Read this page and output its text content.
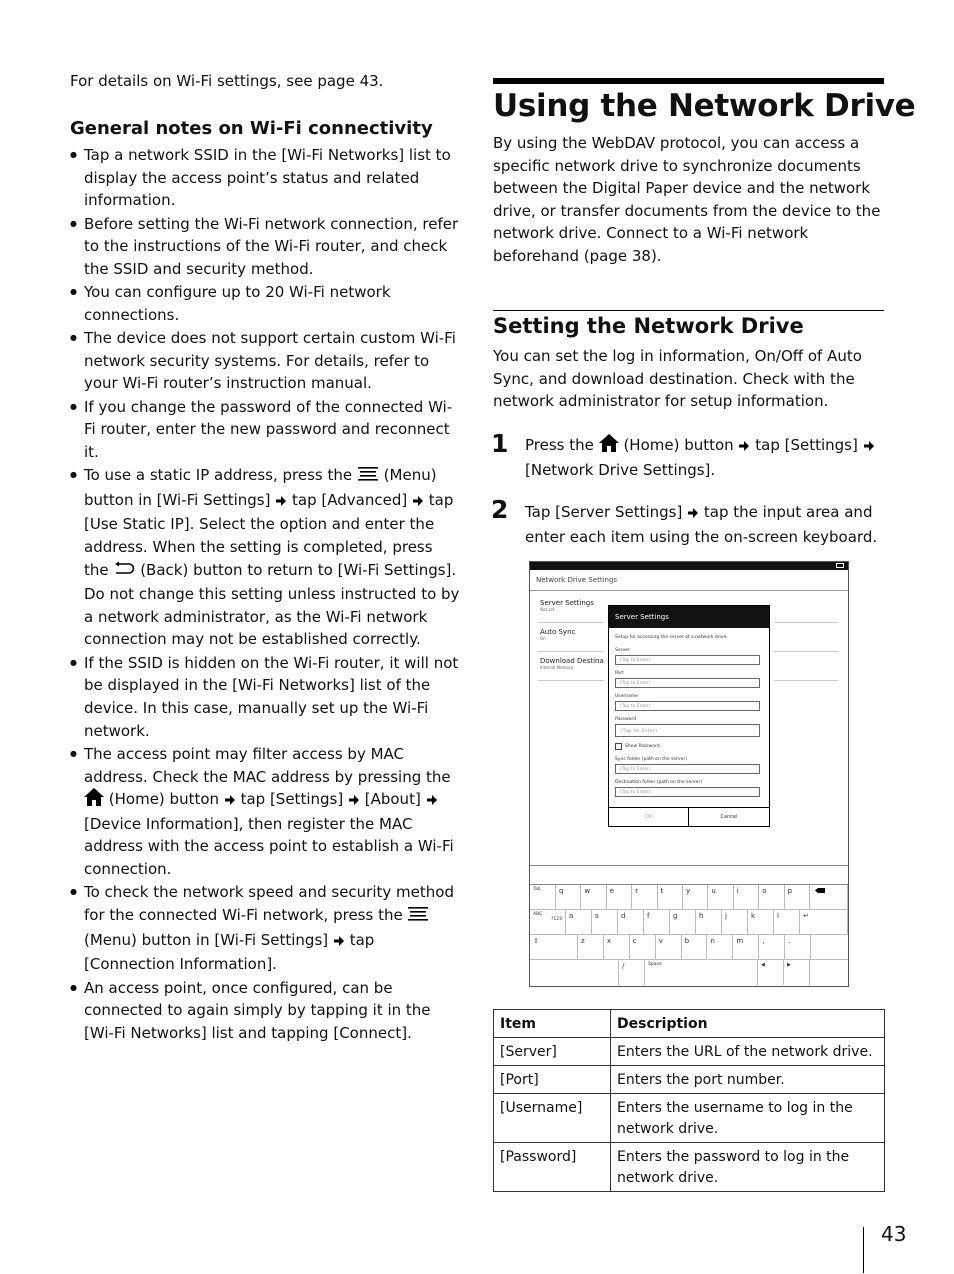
For details on Wi-Fi settings, see page 43.

General notes on Wi-Fi connectivity
● Tap a network SSID in the [Wi-Fi Networks] list to display the access point’s status and related information.
● Before setting the Wi-Fi network connection, refer to the instructions of the Wi-Fi router, and check the SSID and security method.
● You can configure up to 20 Wi-Fi network connections.
● The device does not support certain custom Wi-Fi network security systems. For details, refer to your Wi-Fi router’s instruction manual.
● If you change the password of the connected Wi-Fi router, enter the new password and reconnect it.
● To use a static IP address, press the (Menu) button in [Wi-Fi Settings] tap [Advanced] tap [Use Static IP]. Select the option and enter the address. When the setting is completed, press the (Back) button to return to [Wi-Fi Settings].
Do not change this setting unless instructed to by a network administrator, as the Wi-Fi network connection may not be established correctly.
● If the SSID is hidden on the Wi-Fi router, it will not be displayed in the [Wi-Fi Networks] list of the device. In this case, manually set up the Wi-Fi network.
● The access point may filter access by MAC address. Check the MAC address by pressing the  (Home) button tap [Settings] [About]  [Device Information], then register the MAC address with the access point to establish a Wi-Fi connection.
● To check the network speed and security method for the connected Wi-Fi network, press the  (Menu) button in [Wi-Fi Settings] tap [Connection Information].
● An access point, once configured, can be connected to again simply by tapping it in the [Wi-Fi Networks] list and tapping [Connect].
Using the Network Drive

By using the WebDAV protocol, you can access a specific network drive to synchronize documents between the Digital Paper device and the network drive, or transfer documents from the device to the network drive. Connect to a Wi-Fi network beforehand (page 38).

Setting the Network Drive

You can set the log in information, On/Off of Auto Sync, and download destination. Check with the network administrator for setup information.

1 Press the (Home) button tap [Settings]  [Network Drive Settings].
2 Tap [Server Settings] tap the input area and enter each item using the on-screen keyboard.
Network Drive Settings
Server Settings
Not set
Auto Sync
On
Download Destina
Internal Memory
Server Settings
Setup for accessing the server of a network drive.
Server
(Tap to Enter)
Port
(Tap to Enter)
Username
(Tap to Enter)
Password
(Tap to Enter)
Show Password
Sync folder (path on the server)
(Tap to Enter)
Destination folder (path on the server)
(Tap to Enter)
OK	Cancel
Tab	q	w	e	r	t	y	u	i	o	p
ABC
?123	a	s	d	f	g	h	j	k	l	↵
⇧	z	x	c	v	b	n	m	,	.
/	Space	◀	▶
Item	Description
[Server]	Enters the URL of the network drive.
[Port]	Enters the port number.
[Username]	Enters the username to log in the network drive.
[Password]	Enters the password to log in the network drive.
43
